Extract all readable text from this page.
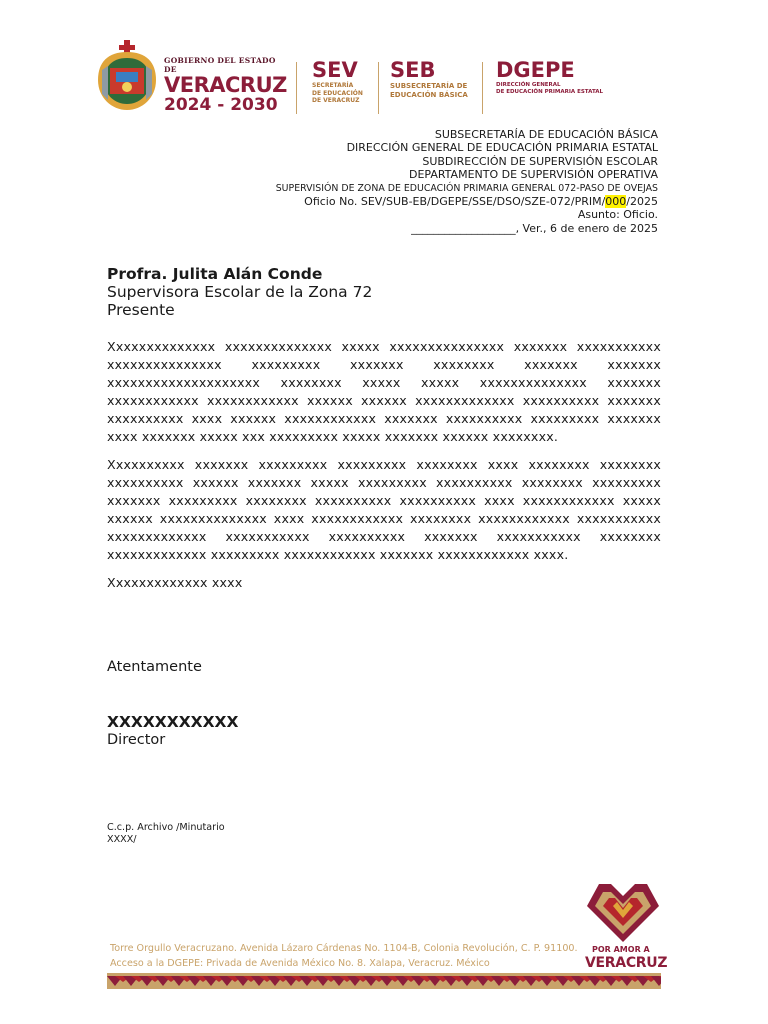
GOBIERNO DEL ESTADO DE
VERACRUZ
2024 - 2030
SEV
SECRETARÍA
DE EDUCACIÓN
DE VERACRUZ
SEB
SUBSECRETARÍA DE
EDUCACIÓN BÁSICA
DGEPE
DIRECCIÓN GENERAL
DE EDUCACIÓN PRIMARIA ESTATAL
SUBSECRETARÍA DE EDUCACIÓN BÁSICA
DIRECCIÓN GENERAL DE EDUCACIÓN PRIMARIA ESTATAL
SUBDIRECCIÓN DE SUPERVISIÓN ESCOLAR
DEPARTAMENTO DE SUPERVISIÓN OPERATIVA
SUPERVISIÓN DE ZONA DE EDUCACIÓN PRIMARIA GENERAL 072-PASO DE OVEJAS
Oficio No. SEV/SUB-EB/DGEPE/SSE/DSO/SZE-072/PRIM/000/2025
Asunto: Oficio.
___________________, Ver., 6 de enero de 2025
Profra. Julita Alán Conde
Supervisora Escolar de la Zona 72
Presente

Xxxxxxxxxxxxxx xxxxxxxxxxxxxx xxxxx xxxxxxxxxxxxxxx xxxxxxx xxxxxxxxxxx xxxxxxxxxxxxxxx xxxxxxxxx xxxxxxx xxxxxxxx xxxxxxx xxxxxxx xxxxxxxxxxxxxxxxxxxx xxxxxxxx xxxxx xxxxx xxxxxxxxxxxxxx xxxxxxx xxxxxxxxxxxx xxxxxxxxxxxx xxxxxx xxxxxx xxxxxxxxxxxxx xxxxxxxxxx xxxxxxx xxxxxxxxxx xxxx xxxxxx xxxxxxxxxxxx xxxxxxx xxxxxxxxxx xxxxxxxxx xxxxxxx xxxx xxxxxxx xxxxx xxx xxxxxxxxx xxxxx xxxxxxx xxxxxx xxxxxxxx.

Xxxxxxxxxx xxxxxxx xxxxxxxxx xxxxxxxxx xxxxxxxx xxxx xxxxxxxx xxxxxxxx xxxxxxxxxx xxxxxx xxxxxxx xxxxx xxxxxxxxx xxxxxxxxxx xxxxxxxx xxxxxxxxx xxxxxxx xxxxxxxxx xxxxxxxx xxxxxxxxxx xxxxxxxxxx xxxx xxxxxxxxxxxx xxxxx xxxxxx xxxxxxxxxxxxxx xxxx xxxxxxxxxxxx xxxxxxxx xxxxxxxxxxxx xxxxxxxxxxx xxxxxxxxxxxxx xxxxxxxxxxx xxxxxxxxxx xxxxxxx xxxxxxxxxxx xxxxxxxx xxxxxxxxxxxxx xxxxxxxxx xxxxxxxxxxxx xxxxxxx xxxxxxxxxxxx xxxx.

Xxxxxxxxxxxxx xxxx

Atentamente
XXXXXXXXXXX
Director
C.c.p. Archivo /Minutario
XXXX/
Torre Orgullo Veracruzano. Avenida Lázaro Cárdenas No. 1104-B, Colonia Revolución, C. P. 91100.
Acceso a la DGEPE: Privada de Avenida México No. 8. Xalapa, Veracruz. México
POR AMOR A
VERACRUZ
